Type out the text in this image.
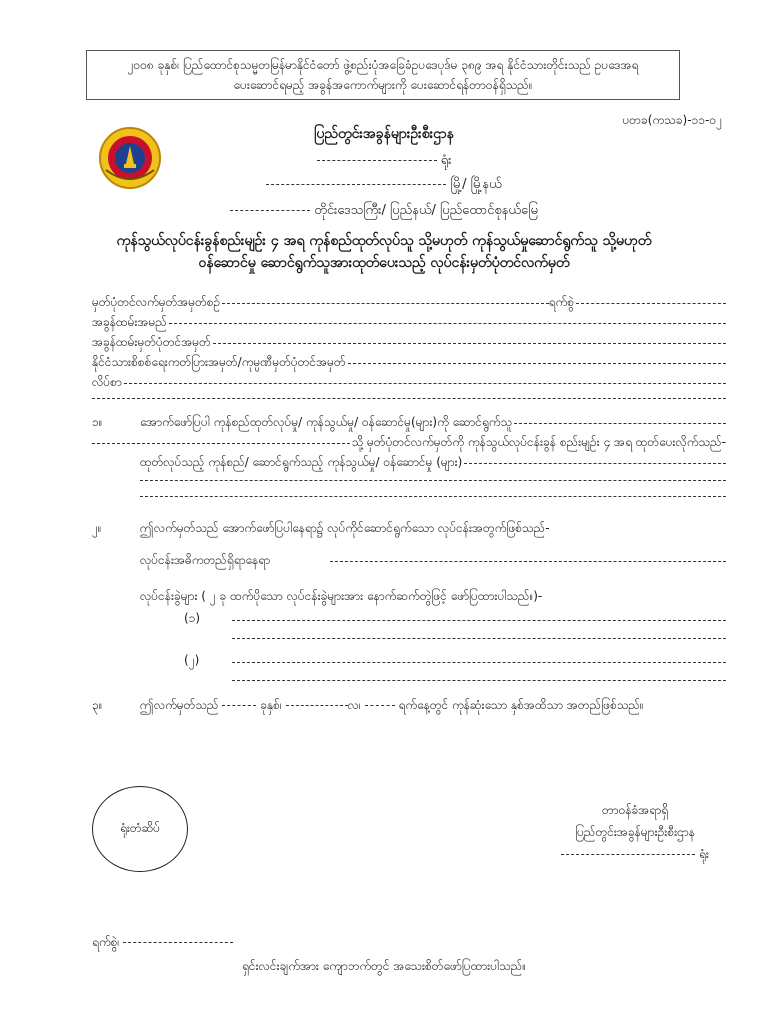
၂၀၀၈ ခုနှစ်၊ ပြည်ထောင်စုသမ္မတမြန်မာနိုင်ငံတော် ဖွဲ့စည်းပုံအခြေခံဥပဒေပုဒ်မ ၃၈၉ အရ နိုင်ငံသားတိုင်းသည် ဥပဒေအရ
ပေးဆောင်ရမည့် အခွန်အကောက်များကို ပေးဆောင်ရန်တာဝန်ရှိသည်။
ပတခ(ကသခ)-၁၁-၀၂
ပြည်တွင်းအခွန်များဦးစီးဌာန
ရုံး
မြို့/ မြို့နယ်
တိုင်းဒေသကြီး/ ပြည်နယ်/ ပြည်ထောင်စုနယ်မြေ
ကုန်သွယ်လုပ်ငန်းခွန်စည်းမျဉ်း ၄ အရ ကုန်စည်ထုတ်လုပ်သူ သို့မဟုတ် ကုန်သွယ်မှုဆောင်ရွက်သူ သို့မဟုတ်
ဝန်ဆောင်မှု ဆောင်ရွက်သူအားထုတ်ပေးသည့် လုပ်ငန်းမှတ်ပုံတင်လက်မှတ်
မှတ်ပုံတင်လက်မှတ်အမှတ်စဉ်	ရက်စွဲ
အခွန်ထမ်းအမည်
အခွန်ထမ်းမှတ်ပုံတင်အမှတ်
နိုင်ငံသားစိစစ်ရေးကတ်ပြားအမှတ်/ကုမ္ပဏီမှတ်ပုံတင်အမှတ်
လိပ်စာ
၁။	အောက်ဖော်ပြပါ ကုန်စည်ထုတ်လုပ်မှု/ ကုန်သွယ်မှု/ ဝန်ဆောင်မှု(များ)ကို ဆောင်ရွက်သူ
သို့ မှတ်ပုံတင်လက်မှတ်ကို ကုန်သွယ်လုပ်ငန်းခွန် စည်းမျဉ်း ၄ အရ ထုတ်ပေးလိုက်သည်-
ထုတ်လုပ်သည့် ကုန်စည်/ ဆောင်ရွက်သည့် ကုန်သွယ်မှု/ ဝန်ဆောင်မှု (များ)
၂။	ဤလက်မှတ်သည် အောက်ဖော်ပြပါနေရာ၌ လုပ်ကိုင်ဆောင်ရွက်သော လုပ်ငန်းအတွက်ဖြစ်သည်-
လုပ်ငန်းအဓိကတည်ရှိရာနေရာ
လုပ်ငန်းခွဲများ ( ၂ ခု ထက်ပိုသော လုပ်ငန်းခွဲများအား နောက်ဆက်တွဲဖြင့် ဖော်ပြထားပါသည်။)-
(၁)
(၂)
၃။	ဤလက်မှတ်သည်	ခုနှစ်၊	လ၊	ရက်နေ့တွင် ကုန်ဆုံးသော နှစ်အထိသာ အတည်ဖြစ်သည်။
ရုံးတံဆိပ်
တာဝန်ခံအရာရှိ
ပြည်တွင်းအခွန်များဦးစီးဌာန
ရုံး
ရက်စွဲ၊
ရှင်းလင်းချက်အား ကျောဘက်တွင် အသေးစိတ်ဖော်ပြထားပါသည်။
